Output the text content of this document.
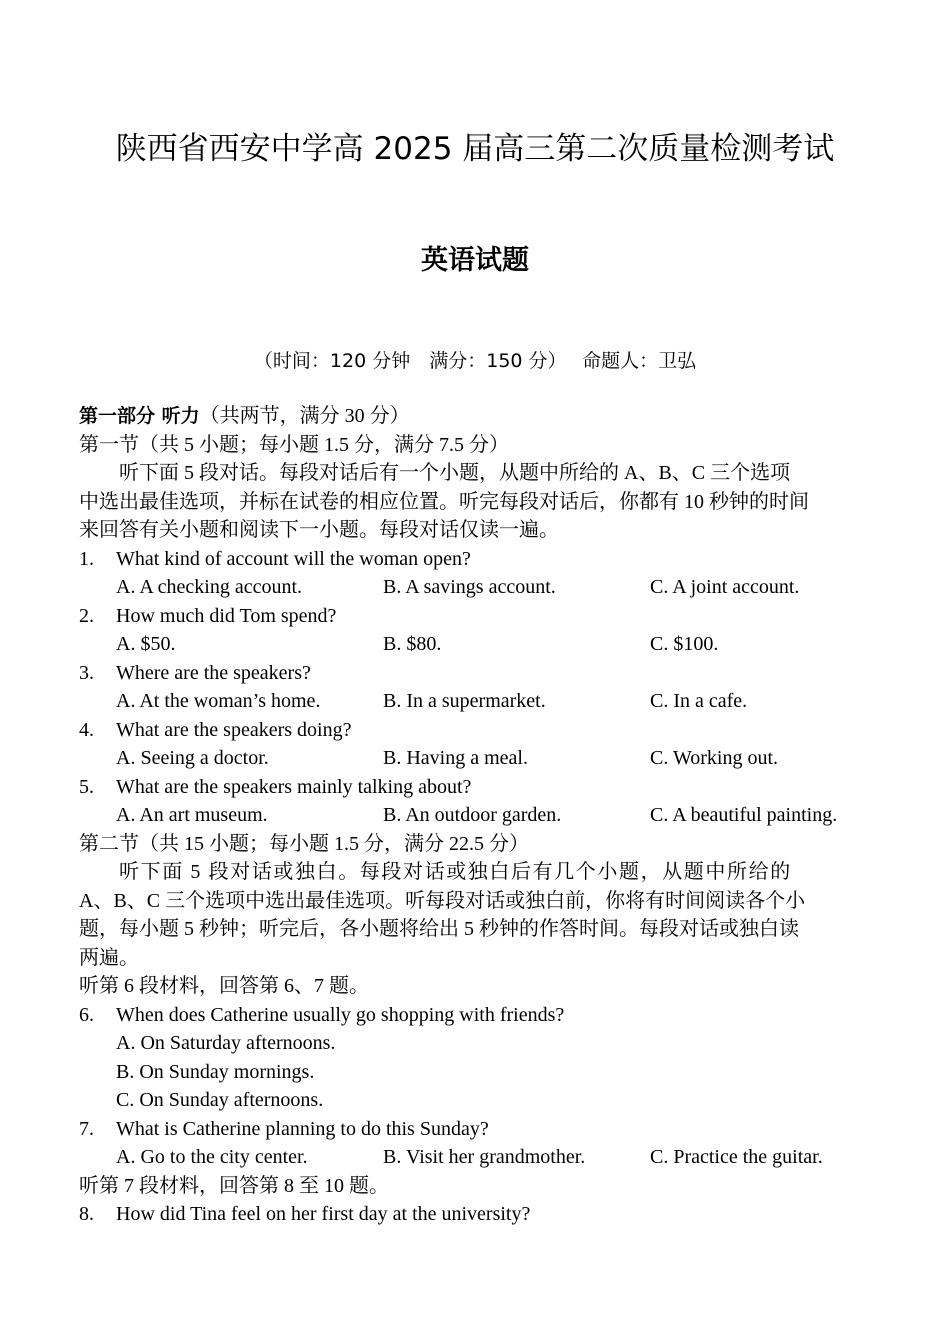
陕西省西安中学高 2025 届高三第二次质量检测考试
英语试题
（时间：120 分钟　满分：150 分）　 命题人：卫弘
第一部分 听力（共两节，满分 30 分）
第一节（共 5 小题；每小题 1.5 分，满分 7.5 分）
听下面 5 段对话。每段对话后有一个小题，从题中所给的 A、B、C 三个选项
中选出最佳选项，并标在试卷的相应位置。听完每段对话后，你都有 10 秒钟的时间
来回答有关小题和阅读下一小题。每段对话仅读一遍。
1.	What kind of account will the woman open?
A. A checking account.	B. A savings account.	C. A joint account.
2.	How much did Tom spend?
A. $50.	B. $80.	C. $100.
3.	Where are the speakers?
A. At the woman’s home.	B. In a supermarket.	C. In a cafe.
4.	What are the speakers doing?
A. Seeing a doctor.	B. Having a meal.	C. Working out.
5.	What are the speakers mainly talking about?
A. An art museum.	B. An outdoor garden.	C. A beautiful painting.
第二节（共 15 小题；每小题 1.5 分，满分 22.5 分）
听下面 5 段对话或独白。每段对话或独白后有几个小题，从题中所给的
A、B、C 三个选项中选出最佳选项。听每段对话或独白前，你将有时间阅读各个小
题，每小题 5 秒钟；听完后，各小题将给出 5 秒钟的作答时间。每段对话或独白读
两遍。
听第 6 段材料，回答第 6、7 题。
6.	When does Catherine usually go shopping with friends?
A. On Saturday afternoons.
B. On Sunday mornings.
C. On Sunday afternoons.
7.	What is Catherine planning to do this Sunday?
A. Go to the city center.	B. Visit her grandmother.	C. Practice the guitar.
听第 7 段材料，回答第 8 至 10 题。
8.	How did Tina feel on her first day at the university?
